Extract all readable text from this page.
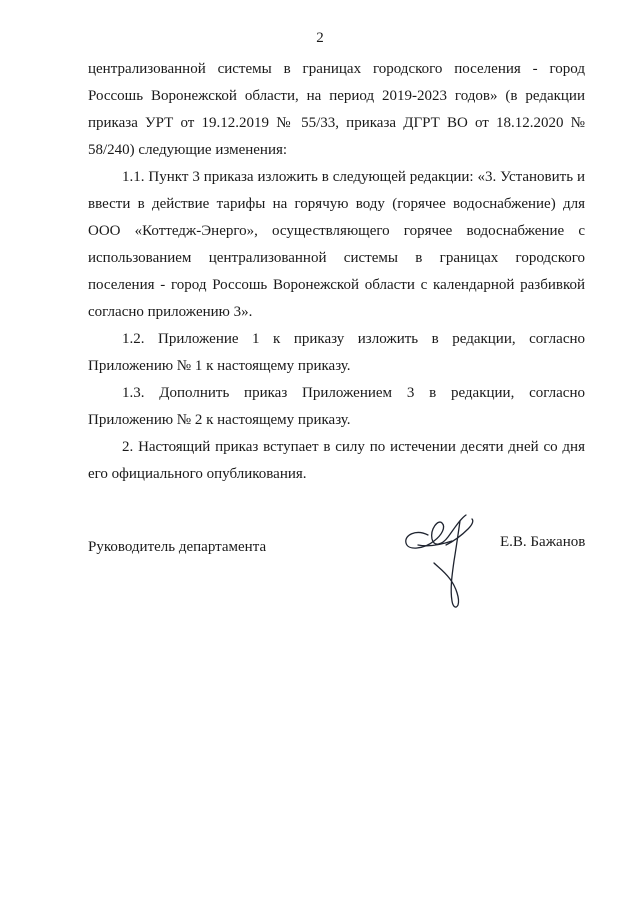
2

централизованной системы в границах городского поселения - город Россошь Воронежской области, на период 2019-2023 годов» (в редакции приказа УРТ от 19.12.2019 № 55/33, приказа ДГРТ ВО от 18.12.2020 № 58/240) следующие изменения:

1.1. Пункт 3 приказа изложить в следующей редакции: «3. Установить и ввести в действие тарифы на горячую воду (горячее водоснабжение) для ООО «Коттедж-Энерго», осуществляющего горячее водоснабжение с использованием централизованной системы в границах городского поселения - город Россошь Воронежской области с календарной разбивкой согласно приложению 3».

1.2. Приложение 1 к приказу изложить в редакции, согласно Приложению № 1 к настоящему приказу.

1.3. Дополнить приказ Приложением 3 в редакции, согласно Приложению № 2 к настоящему приказу.

2. Настоящий приказ вступает в силу по истечении десяти дней со дня его официального опубликования.

Руководитель департамента	Е.В. Бажанов
